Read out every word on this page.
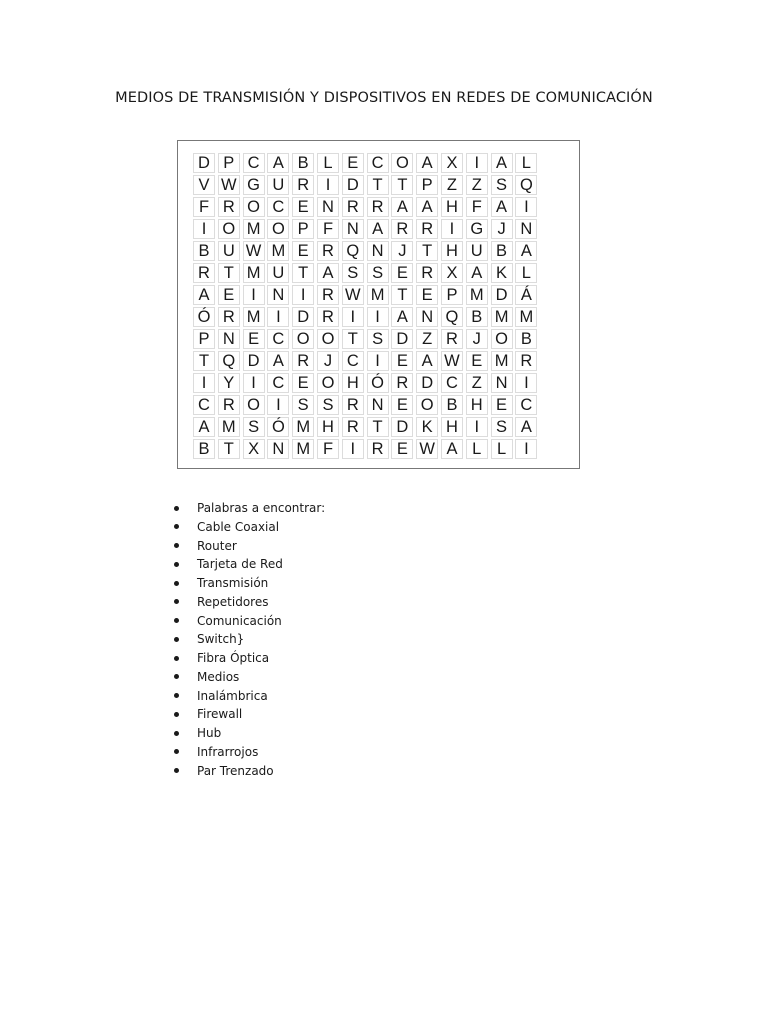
MEDIOS DE TRANSMISIÓN Y DISPOSITIVOS EN REDES DE COMUNICACIÓN
D P C A B L E C O A X	I	A L
V W G U R	I	D T T P Z Z S Q
F R O C E N R R A A H F A	I
I O M O P F N A R R	I G J N
B U W M E R Q N J T H U B A
R T M U T A S S E R X A K L
A E	I	N	I	R W M T E P M D Á
Ó R M I	D R	I	I	A N Q B M M
P N E C O O T S D Z R J O B
T Q D A R J C	I	E A W E M R
I	Y	I	C E O H Ó R D C Z N	I
C R O I	S S R N E O B H E C
A M S Ó M H R T D K H	I	S A
B T X N M F	I	R E W A L L	I
Palabras a encontrar:
Cable Coaxial
Router
Tarjeta de Red
Transmisión
Repetidores
Comunicación
Switch}
Fibra Óptica
Medios
Inalámbrica
Firewall
Hub
Infrarrojos
Par Trenzado
